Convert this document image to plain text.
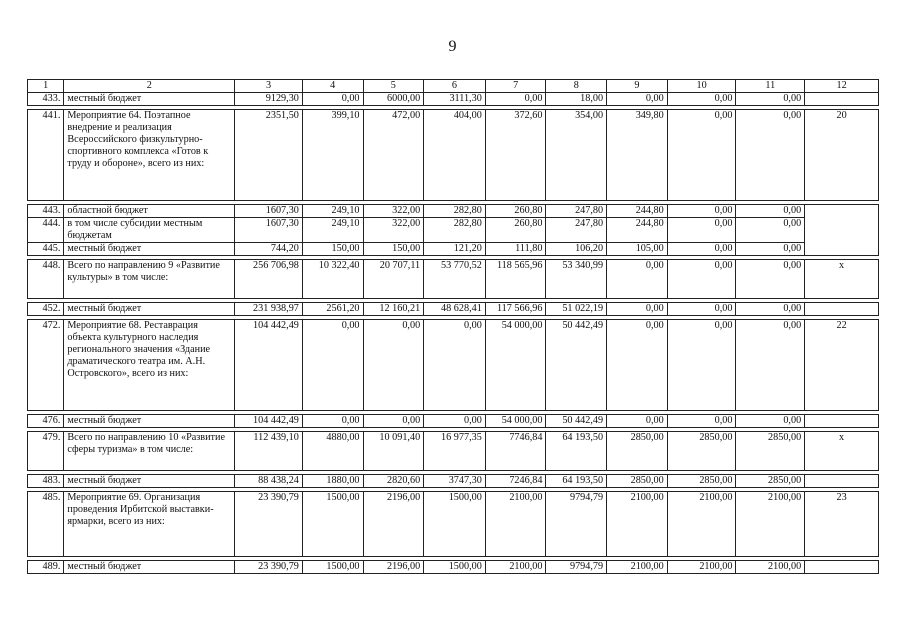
9
1	2	3	4	5	6	7	8	9	10	11	12
433.	местный бюджет	9129,30	0,00	6000,00	3111,30	0,00	18,00	0,00	0,00	0,00	

441.	Мероприятие 64. Поэтапное внедрение и реализация Всероссийского физкультурно-спортивного комплекса «Готов к труду и обороне», всего из них:	2351,50	399,10	472,00	404,00	372,60	354,00	349,80	0,00	0,00	20

443.	областной бюджет	1607,30	249,10	322,00	282,80	260,80	247,80	244,80	0,00	0,00	
444.	в том числе субсидии местным бюджетам	1607,30	249,10	322,00	282,80	260,80	247,80	244,80	0,00	0,00	
445.	местный бюджет	744,20	150,00	150,00	121,20	111,80	106,20	105,00	0,00	0,00	

448.	Всего по направлению 9 «Развитие культуры» в том числе:	256 706,98	10 322,40	20 707,11	53 770,52	118 565,96	53 340,99	0,00	0,00	0,00	x

452.	местный бюджет	231 938,97	2561,20	12 160,21	48 628,41	117 566,96	51 022,19	0,00	0,00	0,00	

472.	Мероприятие 68. Реставрация объекта культурного наследия регионального значения «Здание драматического театра им. А.Н. Островского», всего из них:	104 442,49	0,00	0,00	0,00	54 000,00	50 442,49	0,00	0,00	0,00	22

476.	местный бюджет	104 442,49	0,00	0,00	0,00	54 000,00	50 442,49	0,00	0,00	0,00	

479.	Всего по направлению 10 «Развитие сферы туризма» в том числе:	112 439,10	4880,00	10 091,40	16 977,35	7746,84	64 193,50	2850,00	2850,00	2850,00	x

483.	местный бюджет	88 438,24	1880,00	2820,60	3747,30	7246,84	64 193,50	2850,00	2850,00	2850,00	

485.	Мероприятие 69. Организация проведения Ирбитской выставки-ярмарки, всего из них:	23 390,79	1500,00	2196,00	1500,00	2100,00	9794,79	2100,00	2100,00	2100,00	23

489.	местный бюджет	23 390,79	1500,00	2196,00	1500,00	2100,00	9794,79	2100,00	2100,00	2100,00	
